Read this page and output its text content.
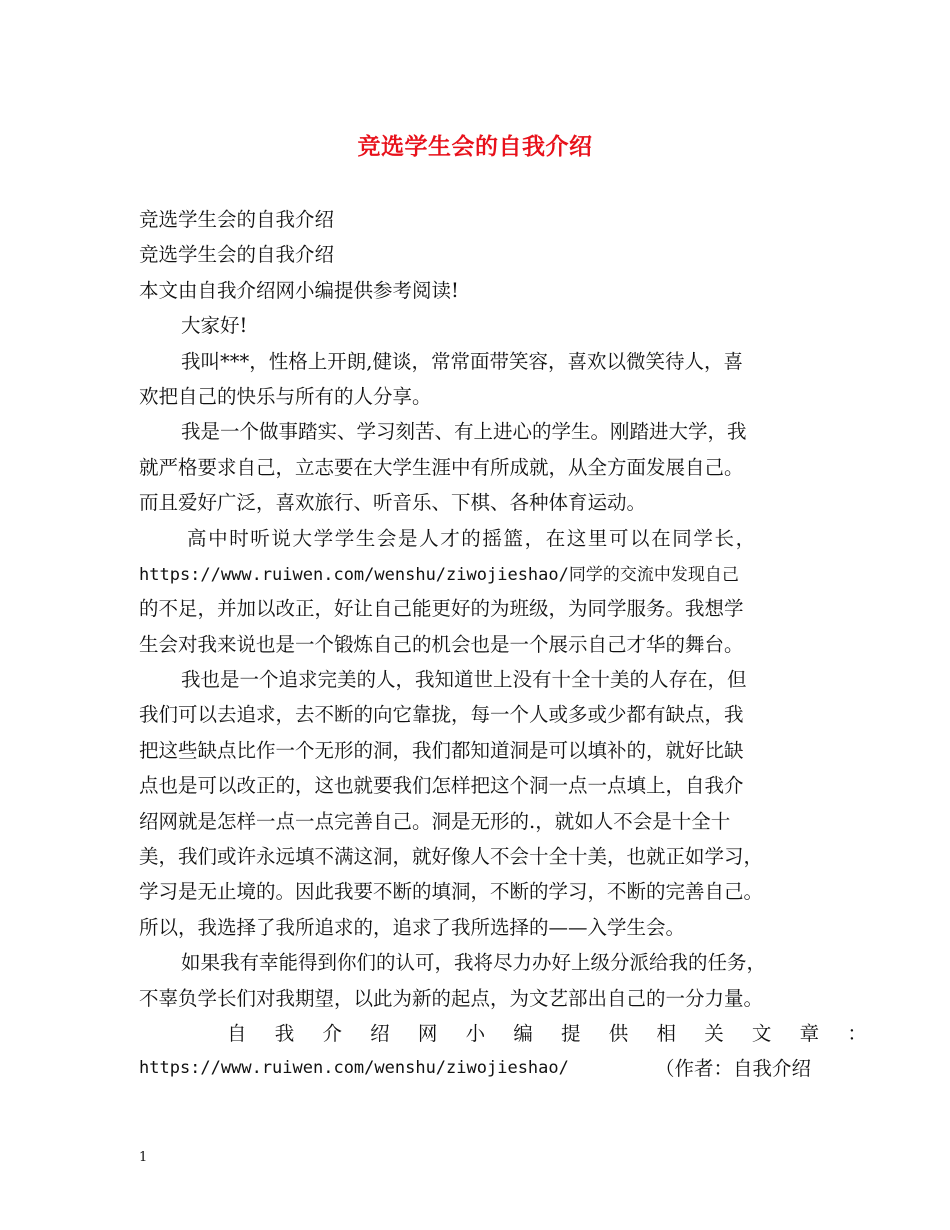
竞选学生会的自我介绍
竞选学生会的自我介绍
竞选学生会的自我介绍
本文由自我介绍网小编提供参考阅读!
大家好!
我叫***，性格上开朗,健谈，常常面带笑容，喜欢以微笑待人，喜
欢把自己的快乐与所有的人分享。
我是一个做事踏实、学习刻苦、有上进心的学生。刚踏进大学，我
就严格要求自己，立志要在大学生涯中有所成就，从全方面发展自己。
而且爱好广泛，喜欢旅行、听音乐、下棋、各种体育运动。
高中时听说大学学生会是人才的摇篮，在这里可以在同学长，
https://www.ruiwen.com/wenshu/ziwojieshao/同学的交流中发现自己
的不足，并加以改正，好让自己能更好的为班级，为同学服务。我想学
生会对我来说也是一个锻炼自己的机会也是一个展示自己才华的舞台。
我也是一个追求完美的人，我知道世上没有十全十美的人存在，但
我们可以去追求，去不断的向它靠拢，每一个人或多或少都有缺点，我
把这些缺点比作一个无形的洞，我们都知道洞是可以填补的，就好比缺
点也是可以改正的，这也就要我们怎样把这个洞一点一点填上，自我介
绍网就是怎样一点一点完善自己。洞是无形的.，就如人不会是十全十
美，我们或许永远填不满这洞，就好像人不会十全十美，也就正如学习，
学习是无止境的。因此我要不断的填洞，不断的学习，不断的完善自己。
所以，我选择了我所追求的，追求了我所选择的——入学生会。
如果我有幸能得到你们的认可，我将尽力办好上级分派给我的任务，
不辜负学长们对我期望，以此为新的起点，为文艺部出自己的一分力量。
自 我 介 绍 网 小 编 提 供 相 关 文 章 ：
https://www.ruiwen.com/wenshu/ziwojieshao/	（作者：自我介绍
1
